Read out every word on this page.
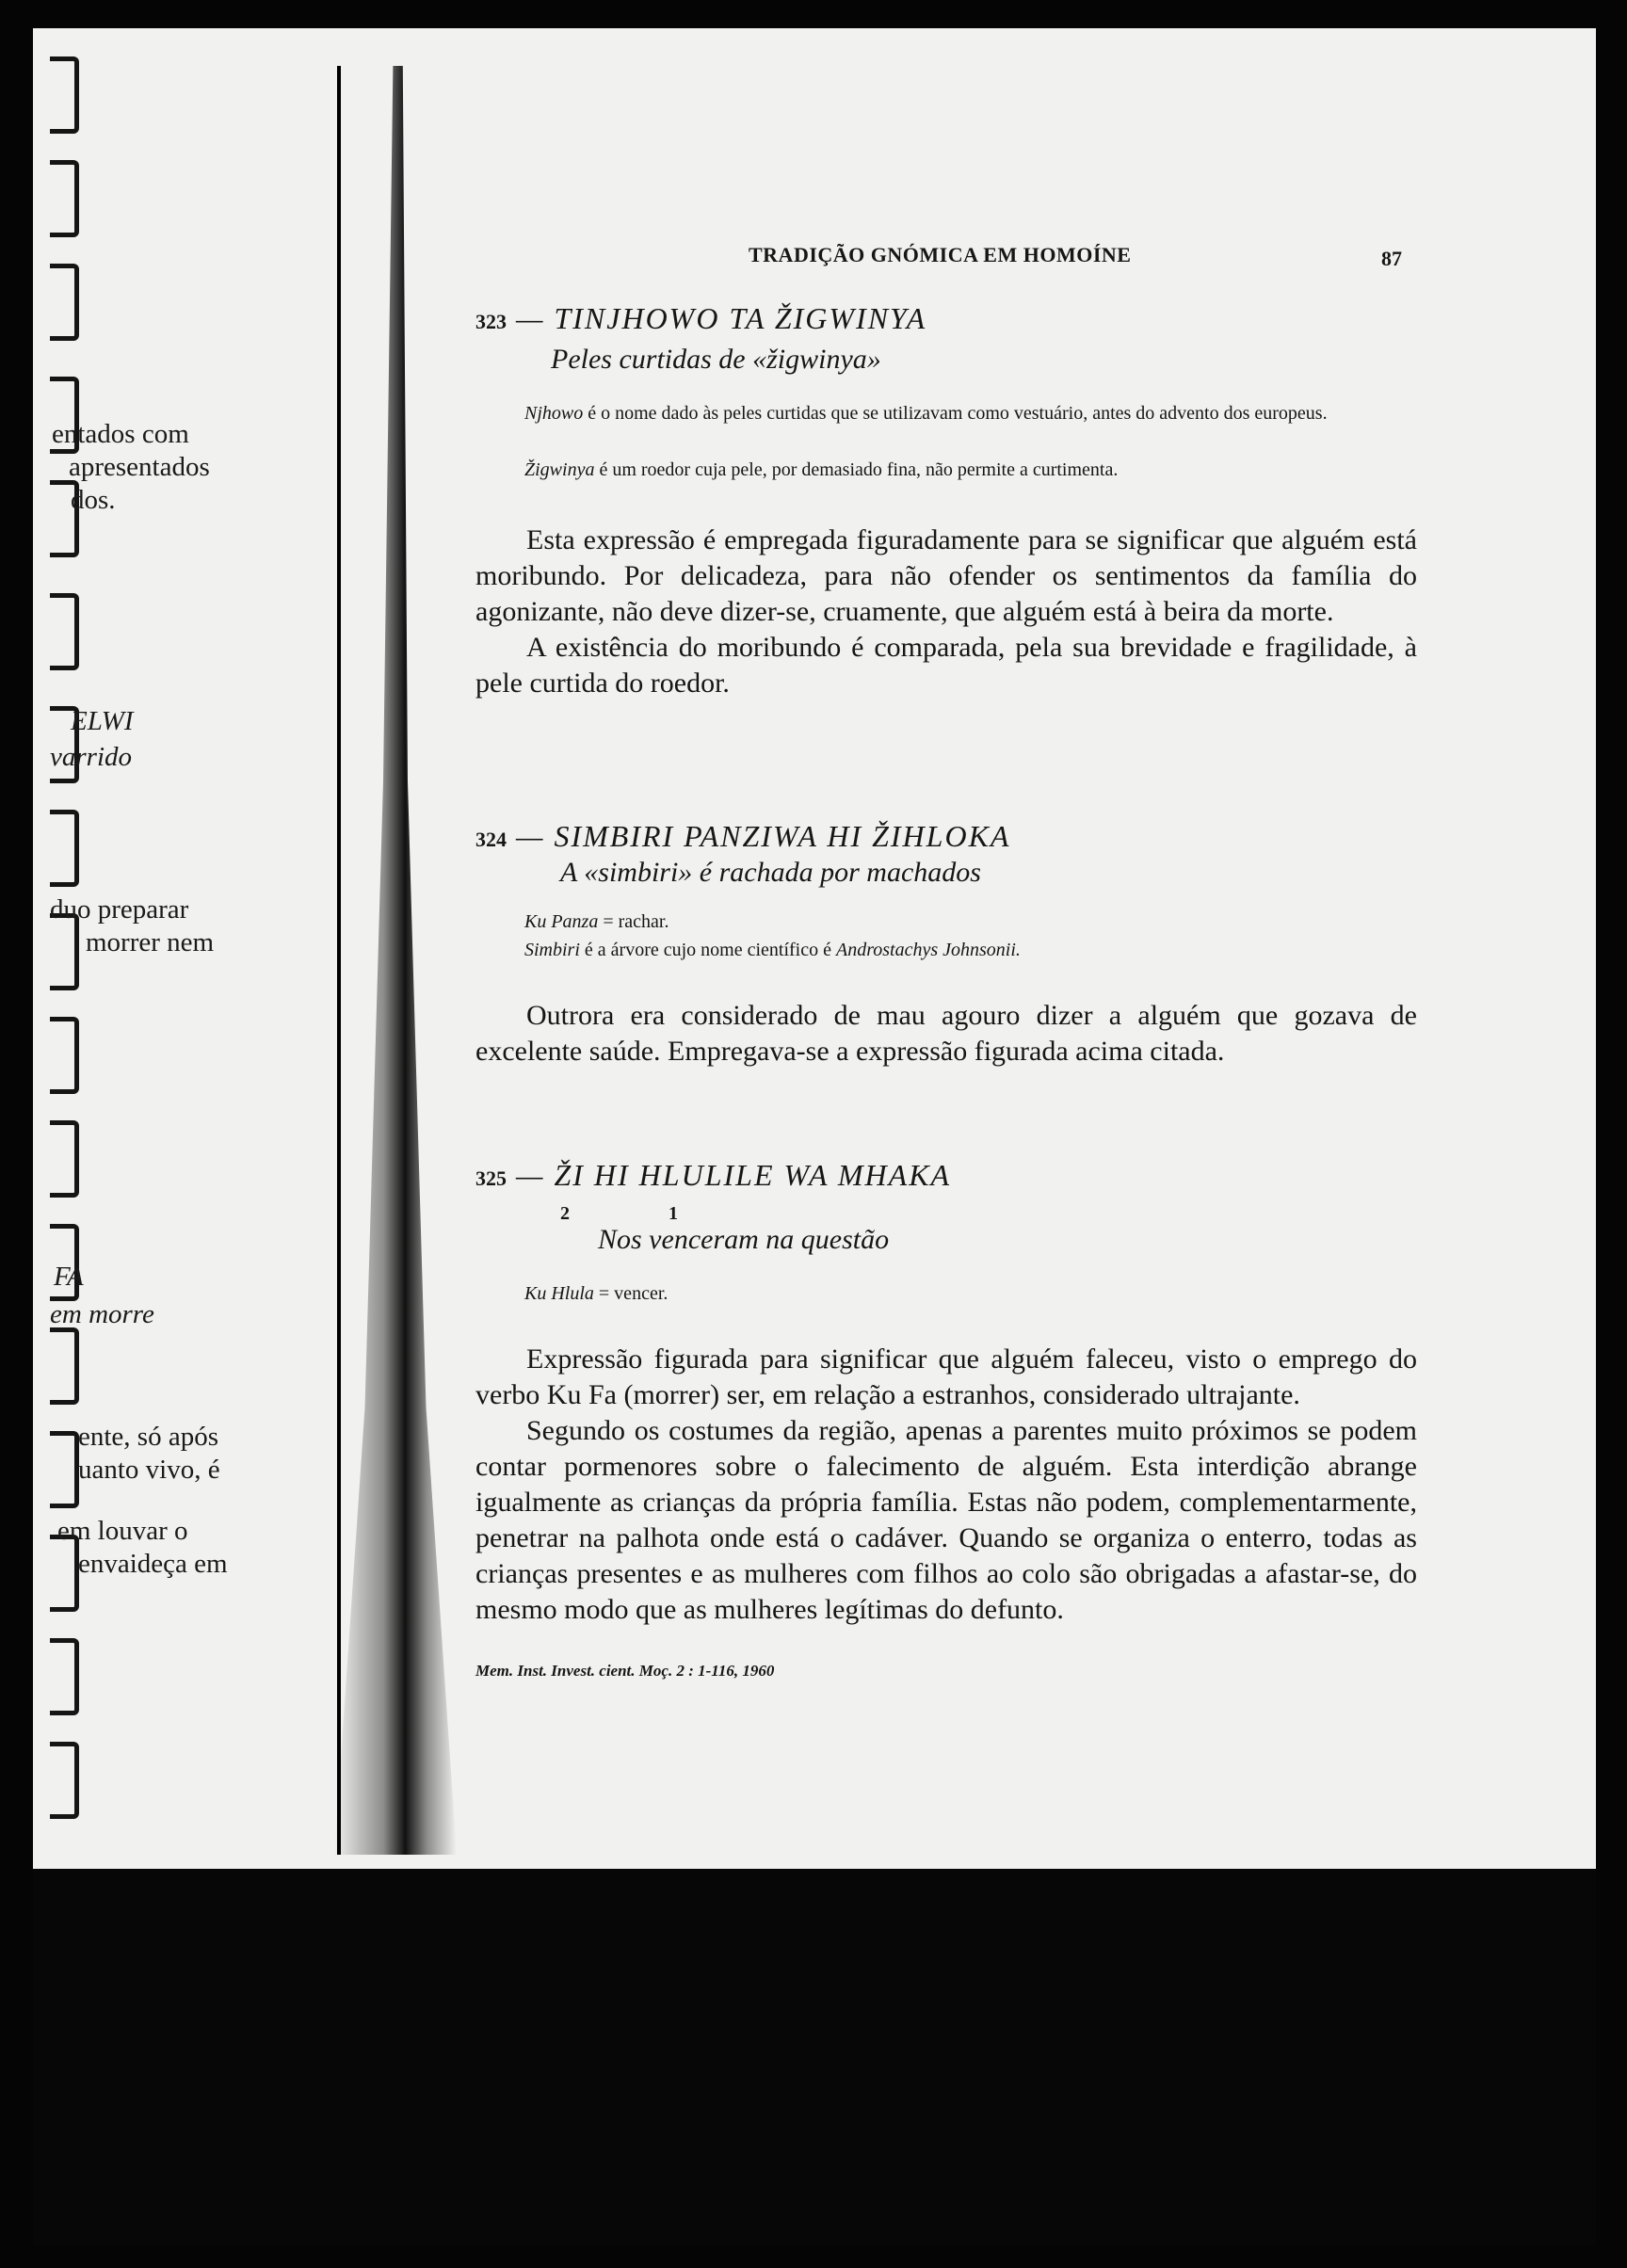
entados com
apresentados
dos.
ELWI
varrido
duo preparar
morrer nem
FA
em morre
ente, só após
uanto vivo, é
em louvar o
envaideça em
TRADIÇÃO GNÓMICA EM HOMOÍNE	87
323 — TINJHOWO TA ŽIGWINYA
Peles curtidas de «žigwinya»
Njhowo é o nome dado às peles curtidas que se utilizavam como vestuário, antes do advento dos europeus.
Žigwinya é um roedor cuja pele, por demasiado fina, não permite a curtimenta.

Esta expressão é empregada figuradamente para se significar que alguém está moribundo. Por delicadeza, para não ofender os sentimentos da família do agonizante, não deve dizer-se, cruamente, que alguém está à beira da morte.

A existência do moribundo é comparada, pela sua brevidade e fragilidade, à pele curtida do roedor.

324 — SIMBIRI PANZIWA HI ŽIHLOKA
A «simbiri» é rachada por machados
Ku Panza = rachar.
Simbiri é a árvore cujo nome científico é Androstachys Johnsonii.

Outrora era considerado de mau agouro dizer a alguém que gozava de excelente saúde. Empregava-se a expressão figurada acima citada.

325 — ŽI HI HLULILE WA MHAKA
2	1
Nos venceram na questão
Ku Hlula = vencer.

Expressão figurada para significar que alguém faleceu, visto o emprego do verbo Ku Fa (morrer) ser, em relação a estranhos, considerado ultrajante.

Segundo os costumes da região, apenas a parentes muito próximos se podem contar pormenores sobre o falecimento de alguém. Esta interdição abrange igualmente as crianças da própria família. Estas não podem, complementarmente, penetrar na palhota onde está o cadáver. Quando se organiza o enterro, todas as crianças presentes e as mulheres com filhos ao colo são obrigadas a afastar-se, do mesmo modo que as mulheres legítimas do defunto.

Mem. Inst. Invest. cient. Moç. 2 : 1-116, 1960
